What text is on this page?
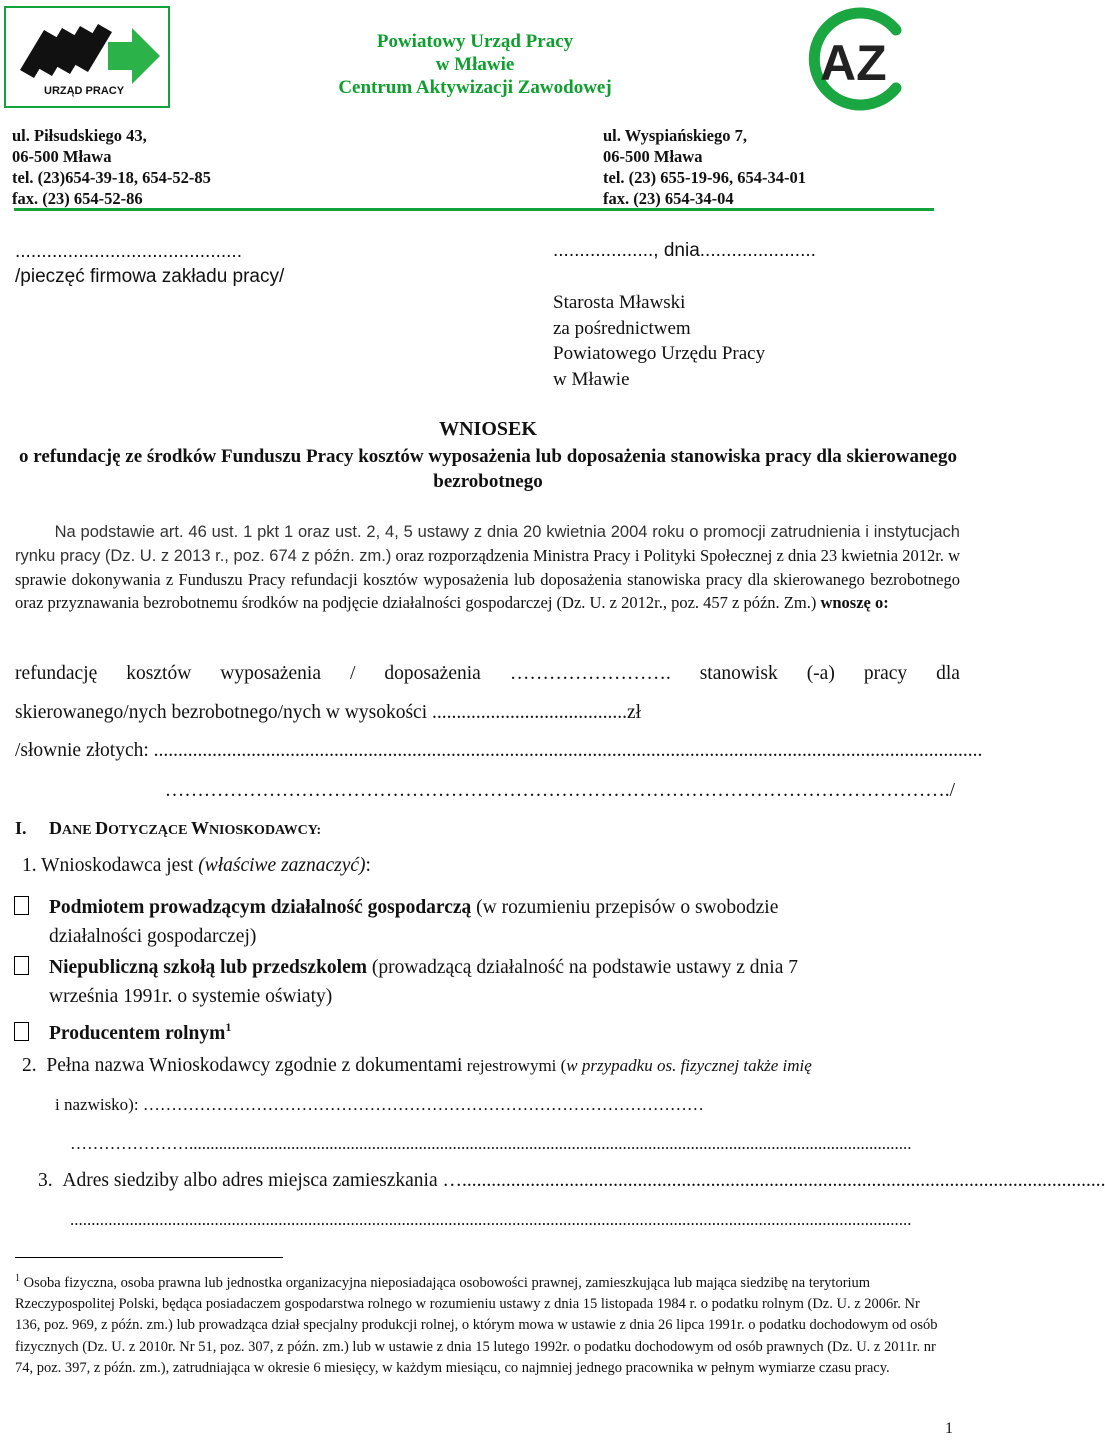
URZĄD PRACY
Powiatowy Urząd Pracy
w Mławie
Centrum Aktywizacji Zawodowej	AZ
ul. Piłsudskiego 43,
06-500 Mława
tel. (23)654-39-18, 654-52-85
fax. (23) 654-52-86
ul. Wyspiańskiego 7,
06-500 Mława
tel. (23) 655-19-96, 654-34-01
fax. (23) 654-34-04
...........................................
/pieczęć firmowa zakładu pracy/
..................., dnia......................
Starosta Mławski
za pośrednictwem
Powiatowego Urzędu Pracy
w Mławie
WNIOSEK
o refundację ze środków Funduszu Pracy kosztów wyposażenia lub doposażenia stanowiska pracy dla skierowanego bezrobotnego
Na podstawie art. 46 ust. 1 pkt 1 oraz ust. 2, 4, 5 ustawy z dnia 20 kwietnia 2004 roku o promocji zatrudnienia i instytucjach rynku pracy (Dz. U. z 2013 r., poz. 674 z późn. zm.) oraz rozporządzenia Ministra Pracy i Polityki Społecznej z dnia 23 kwietnia 2012r. w sprawie dokonywania z Funduszu Pracy refundacji kosztów wyposażenia lub doposażenia stanowiska pracy dla skierowanego bezrobotnego oraz przyznawania bezrobotnemu środków na podjęcie działalności gospodarczej (Dz. U. z 2012r., poz. 457 z późn. Zm.) wnoszę o:
refundację kosztów wyposażenia / doposażenia ……………………. stanowisk (-a) pracy dla
skierowanego/nych bezrobotnego/nych w wysokości ........................................zł
/słownie złotych: ..........................................................................................................................................................................
…………………………………………………………………………………………………………./
I. DANE DOTYCZĄCE WNIOSKODAWCY:
1. Wnioskodawca jest (właściwe zaznaczyć):
Podmiotem prowadzącym działalność gospodarczą (w rozumieniu przepisów o swobodzie
działalności gospodarczej)
Niepubliczną szkołą lub przedszkolem (prowadzącą działalność na podstawie ustawy z dnia 7
września 1991r. o systemie oświaty)
Producentem rolnym$^1$
2. Pełna nazwa Wnioskodawcy zgodnie z dokumentami rejestrowymi (w przypadku os. fizycznej także imię
i nazwisko): ………………………………………………………………………………………
…………………..........................................................................................................................................................................
3. Adres siedziby albo adres miejsca zamieszkania …....................................................................................................................................
......................................................................................................................................................................................................
$^1$ Osoba fizyczna, osoba prawna lub jednostka organizacyjna nieposiadająca osobowości prawnej, zamieszkująca lub mająca siedzibę na terytorium Rzeczypospolitej Polski, będąca posiadaczem gospodarstwa rolnego w rozumieniu ustawy z dnia 15 listopada 1984 r. o podatku rolnym (Dz. U. z 2006r. Nr 136, poz. 969, z późn. zm.) lub prowadząca dział specjalny produkcji rolnej, o którym mowa w ustawie z dnia 26 lipca 1991r. o podatku dochodowym od osób fizycznych (Dz. U. z 2010r. Nr 51, poz. 307, z późn. zm.) lub w ustawie z dnia 15 lutego 1992r. o podatku dochodowym od osób prawnych (Dz. U. z 2011r. nr 74, poz. 397, z późn. zm.), zatrudniająca w okresie 6 miesięcy, w każdym miesiącu, co najmniej jednego pracownika w pełnym wymiarze czasu pracy.
1
